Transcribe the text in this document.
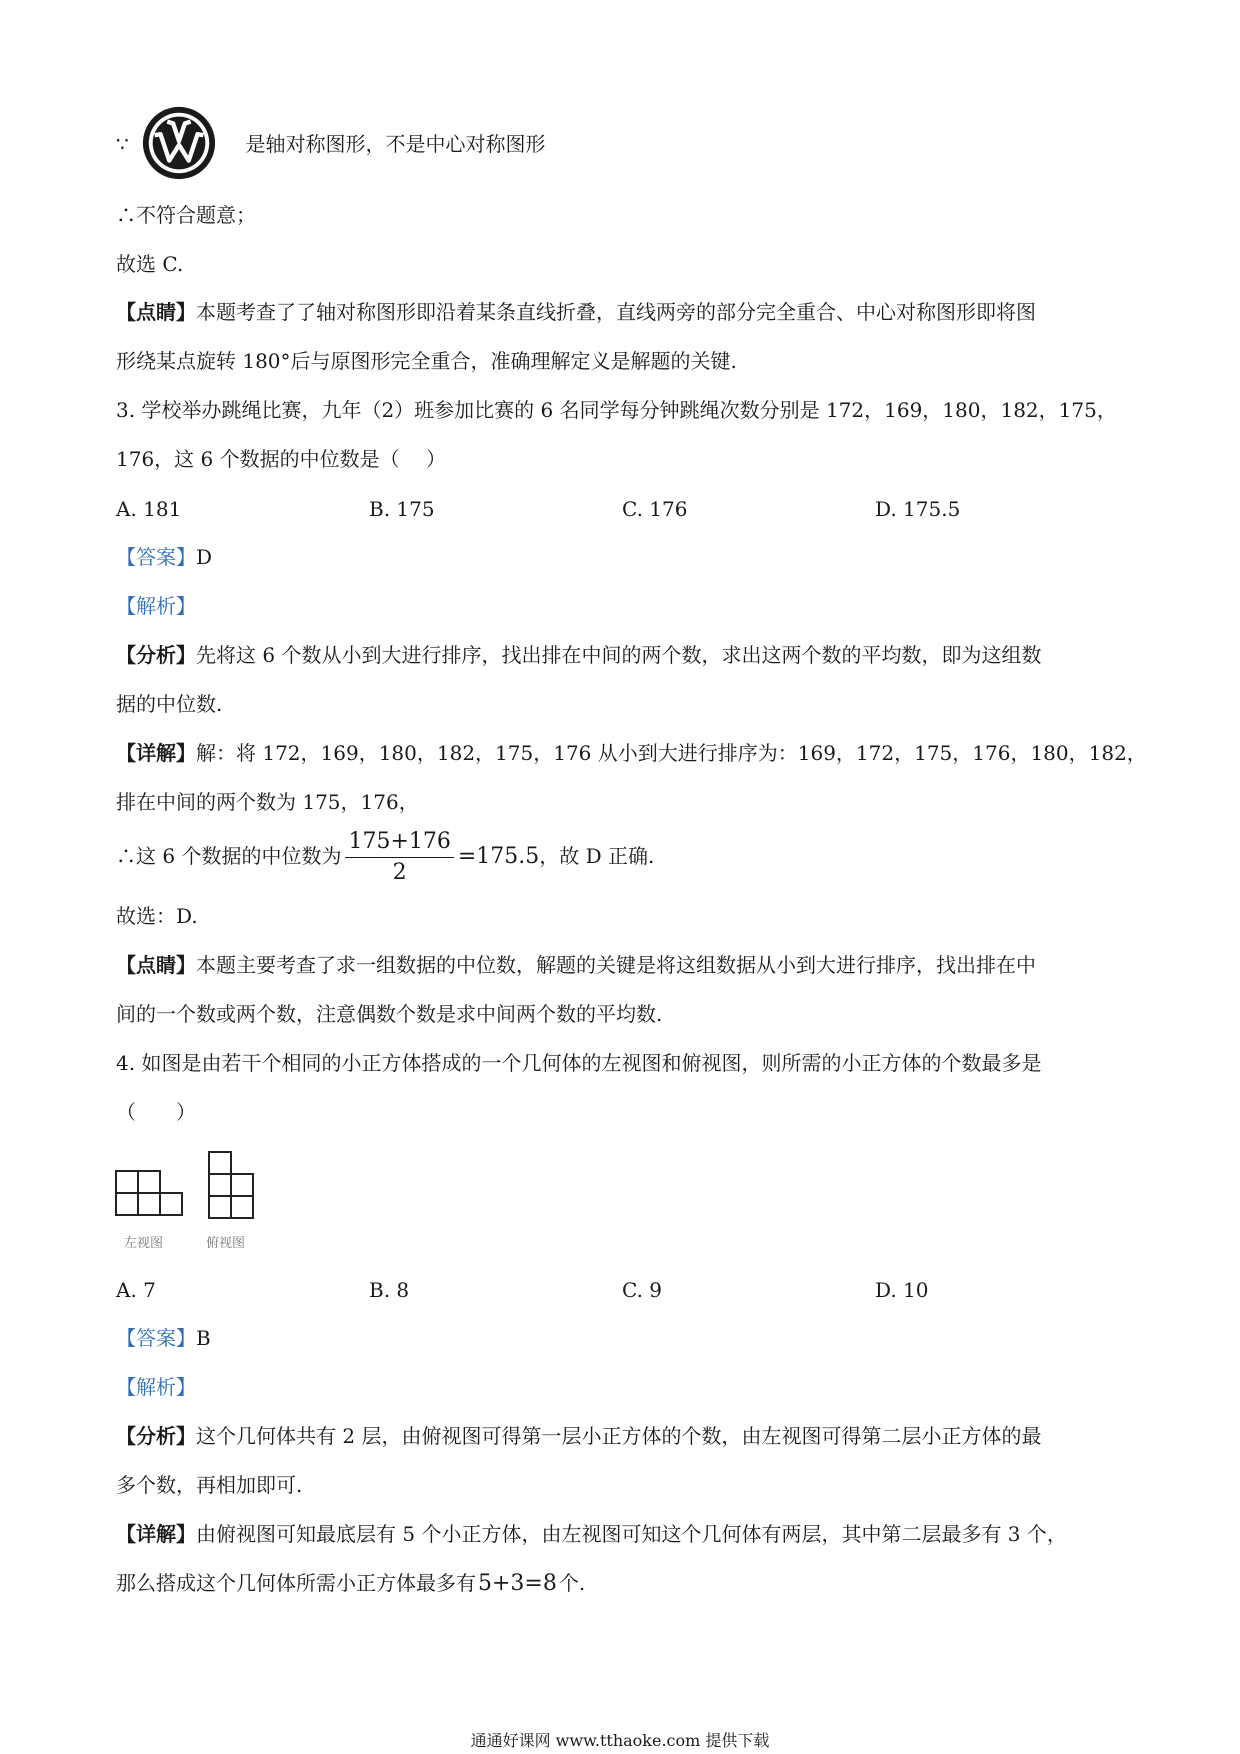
∵	是轴对称图形，不是中心对称图形
∴不符合题意；
故选 C.
【点睛】本题考查了了轴对称图形即沿着某条直线折叠，直线两旁的部分完全重合、中心对称图形即将图
形绕某点旋转 180°后与原图形完全重合，准确理解定义是解题的关键.
3. 学校举办跳绳比赛，九年（2）班参加比赛的 6 名同学每分钟跳绳次数分别是 172，169，180，182，175，
176，这 6 个数据的中位数是（　 ）
A. 181	B. 175	C. 176	D. 175.5
【答案】D
【解析】
【分析】先将这 6 个数从小到大进行排序，找出排在中间的两个数，求出这两个数的平均数，即为这组数
据的中位数.
【详解】解：将 172，169，180，182，175，176 从小到大进行排序为：169，172，175，176，180，182，
排在中间的两个数为 175，176，
∴这 6 个数据的中位数为 $\frac{175+176}{2} =175.5$，故 D 正确.
故选：D.
【点睛】本题主要考查了求一组数据的中位数，解题的关键是将这组数据从小到大进行排序，找出排在中
间的一个数或两个数，注意偶数个数是求中间两个数的平均数.
4. 如图是由若干个相同的小正方体搭成的一个几何体的左视图和俯视图，则所需的小正方体的个数最多是
（　　）
左视图	俯视图
A. 7	B. 8	C. 9	D. 10
【答案】B
【解析】
【分析】这个几何体共有 2 层，由俯视图可得第一层小正方体的个数，由左视图可得第二层小正方体的最
多个数，再相加即可.
【详解】由俯视图可知最底层有 5 个小正方体，由左视图可知这个几何体有两层，其中第二层最多有 3 个，
那么搭成这个几何体所需小正方体最多有5+3=8 个.
通通好课网 www.tthaoke.com 提供下载
